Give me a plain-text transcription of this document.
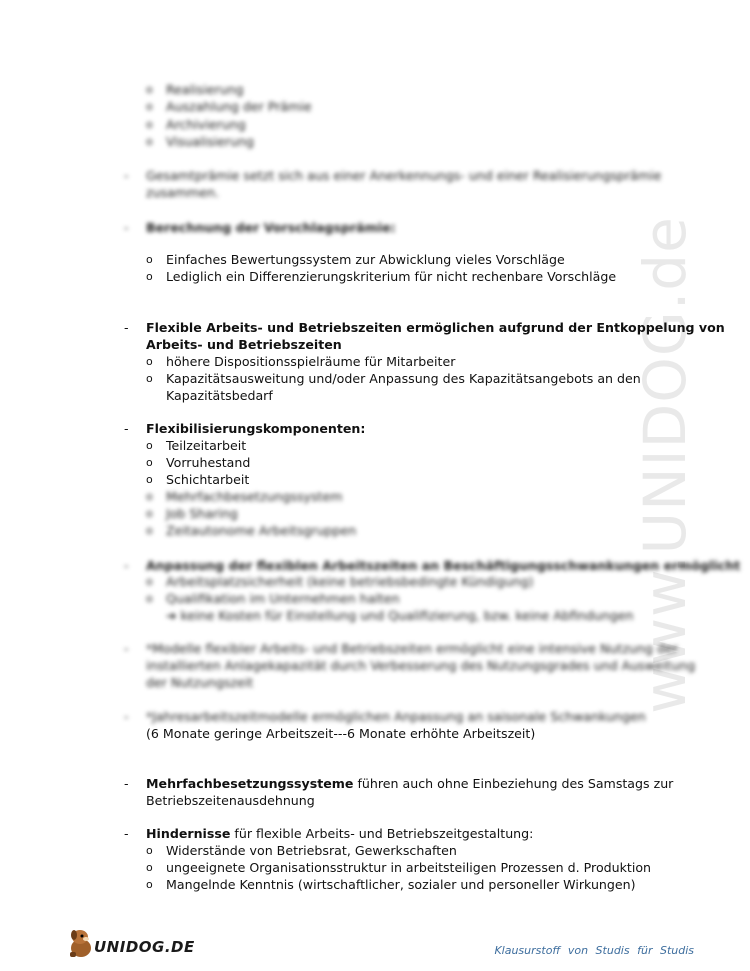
www.UNIDOG.de
o Realisierung
o Auszahlung der Prämie
o Archivierung
o Visualisierung
- Gesamtprämie setzt sich aus einer Anerkennungs- und einer Realisierungsprämie
zusammen.
- Berechnung der Vorschlagsprämie:
o Einfaches Bewertungssystem zur Abwicklung vieles Vorschläge
o Lediglich ein Differenzierungskriterium für nicht rechenbare Vorschläge
- Flexible Arbeits- und Betriebszeiten ermöglichen aufgrund der Entkoppelung von
Arbeits- und Betriebszeiten
o höhere Dispositionsspielräume für Mitarbeiter
o Kapazitätsausweitung und/oder Anpassung des Kapazitätsangebots an den
Kapazitätsbedarf
- Flexibilisierungskomponenten:
o Teilzeitarbeit
o Vorruhestand
o Schichtarbeit
o Mehrfachbesetzungssystem
o Job Sharing
o Zeitautonome Arbeitsgruppen
- Anpassung der flexiblen Arbeitszeiten an Beschäftigungsschwankungen ermöglicht
o Arbeitsplatzsicherheit (keine betriebsbedingte Kündigung)
o Qualifikation im Unternehmen halten
➔ keine Kosten für Einstellung und Qualifizierung, bzw. keine Abfindungen
- *Modelle flexibler Arbeits- und Betriebszeiten ermöglicht eine intensive Nutzung der
installierten Anlagekapazität durch Verbesserung des Nutzungsgrades und Ausweitung
der Nutzungszeit
- *Jahresarbeitszeitmodelle ermöglichen Anpassung an saisonale Schwankungen
(6 Monate geringe Arbeitszeit---6 Monate erhöhte Arbeitszeit)
- Mehrfachbesetzungssysteme führen auch ohne Einbeziehung des Samstags zur
Betriebszeitenausdehnung
- Hindernisse für flexible Arbeits- und Betriebszeitgestaltung:
o Widerstände von Betriebsrat, Gewerkschaften
o ungeeignete Organisationsstruktur in arbeitsteiligen Prozessen d. Produktion
o Mangelnde Kenntnis (wirtschaftlicher, sozialer und personeller Wirkungen)
UNIDOG.DE	Klausurstoff von Studis für Studis
